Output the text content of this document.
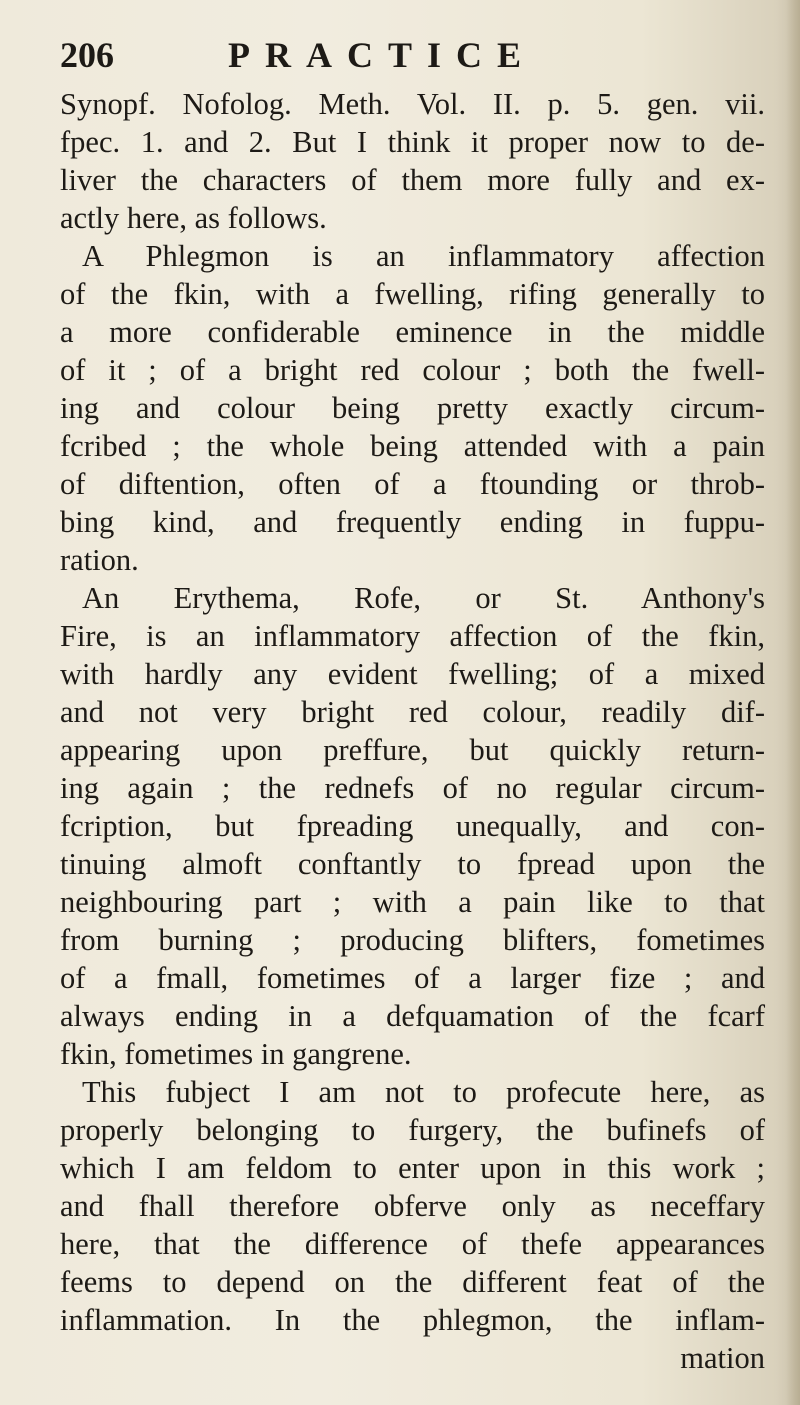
206	PRACTICE
Synopf. Nofolog. Meth. Vol. II. p. 5. gen. vii.
fpec. 1. and 2. But I think it proper now to de-
liver the characters of them more fully and ex-
actly here, as follows.
A Phlegmon is an inflammatory affection
of the fkin, with a fwelling, rifing generally to
a more confiderable eminence in the middle
of it ; of a bright red colour ; both the fwell-
ing and colour being pretty exactly circum-
fcribed ; the whole being attended with a pain
of diftention, often of a ftounding or throb-
bing kind, and frequently ending in fuppu-
ration.
An Erythema, Rofe, or St. Anthony's
Fire, is an inflammatory affection of the fkin,
with hardly any evident fwelling; of a mixed
and not very bright red colour, readily dif-
appearing upon preffure, but quickly return-
ing again ; the rednefs of no regular circum-
fcription, but fpreading unequally, and con-
tinuing almoft conftantly to fpread upon the
neighbouring part ; with a pain like to that
from burning ; producing blifters, fometimes
of a fmall, fometimes of a larger fize ; and
always ending in a defquamation of the fcarf
fkin, fometimes in gangrene.
This fubject I am not to profecute here, as
properly belonging to furgery, the bufinefs of
which I am feldom to enter upon in this work ;
and fhall therefore obferve only as neceffary
here, that the difference of thefe appearances
feems to depend on the different feat of the
inflammation. In the phlegmon, the inflam-
mation
